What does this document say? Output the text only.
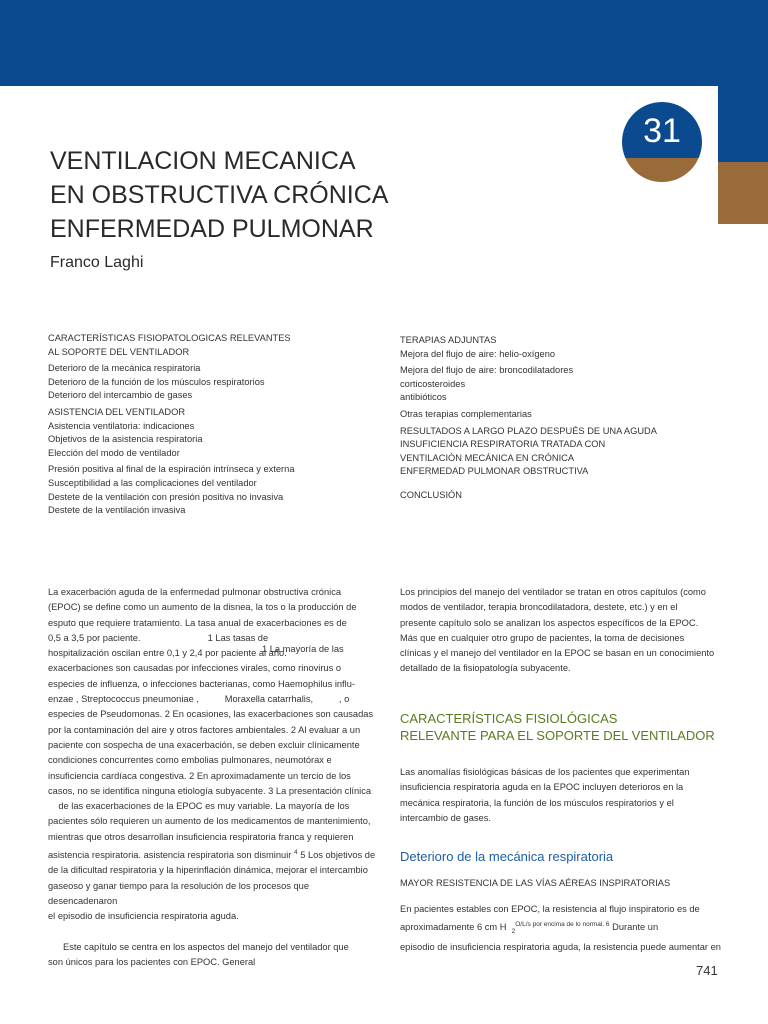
31
VENTILACION MECANICA
EN OBSTRUCTIVA CRÓNICA
ENFERMEDAD PULMONAR
Franco Laghi
CARACTERÍSTICAS FISIOPATOLOGICAS RELEVANTES
AL SOPORTE DEL VENTILADOR
Deterioro de la mecánica respiratoria
Deterioro de la función de los músculos respiratorios
Deterioro del intercambio de gases
ASISTENCIA DEL VENTILADOR
Asistencia ventilatoria: indicaciones
Objetivos de la asistencia respiratoria
Elección del modo de ventilador
Presión positiva al final de la espiración intrínseca y externa
Susceptibilidad a las complicaciones del ventilador
Destete de la ventilación con presión positiva no invasiva
Destete de la ventilación invasiva
TERAPIAS ADJUNTAS
Mejora del flujo de aire: helio-oxígeno
Mejora del flujo de aire: broncodilatadores
corticosteroides
antibióticos
Otras terapias complementarias
RESULTADOS A LARGO PLAZO DESPUÉS DE UNA AGUDA
INSUFICIENCIA RESPIRATORIA TRATADA CON
VENTILACIÓN MECÁNICA EN CRÓNICA
ENFERMEDAD PULMONAR OBSTRUCTIVA
CONCLUSIÓN
La exacerbación aguda de la enfermedad pulmonar obstructiva crónica
(EPOC) se define como un aumento de la disnea, la tos o la producción de
esputo que requiere tratamiento. La tasa anual de exacerbaciones es de
0,5 a 3,5 por paciente.                          1 Las tasas de
hospitalización oscilan entre 0,1 y 2,4 por paciente al año.
exacerbaciones son causadas por infecciones virales, como rinovirus o
especies de influenza, o infecciones bacterianas, como Haemophilus influ-
enzae , Streptococcus pneumoniae ,          Moraxella catarrhalis,          , o
especies de Pseudomonas. 2 En ocasiones, las exacerbaciones son causadas
por la contaminación del aire y otros factores ambientales. 2 Al evaluar a un
paciente con sospecha de una exacerbación, se deben excluir clínicamente
condiciones concurrentes como embolias pulmonares, neumotórax e
insuficiencia cardíaca congestiva. 2 En aproximadamente un tercio de los
casos, no se identifica ninguna etiología subyacente. 3 La presentación clínica
de las exacerbaciones de la EPOC es muy variable. La mayoría de los
pacientes sólo requieren un aumento de los medicamentos de mantenimiento,
mientras que otros desarrollan insuficiencia respiratoria franca y requieren
asistencia respiratoria. asistencia respiratoria son disminuir $^4$ 5 Los objetivos de
de la dificultad respiratoria y la hiperinflación dinámica, mejorar el intercambio
gaseoso y ganar tiempo para la resolución de los procesos que desencadenaron
el episodio de insuficiencia respiratoria aguda.
Este capítulo se centra en los aspectos del manejo del ventilador que
son únicos para los pacientes con EPOC. General
1 La mayoría de las
Los principios del manejo del ventilador se tratan en otros capítulos (como
modos de ventilador, terapia broncodilatadora, destete, etc.) y en el
presente capítulo solo se analizan los aspectos específicos de la EPOC.
Más que en cualquier otro grupo de pacientes, la toma de decisiones
clínicas y el manejo del ventilador en la EPOC se basan en un conocimiento
detallado de la fisiopatología subyacente.
CARACTERÍSTICAS FISIOLÓGICAS
RELEVANTE PARA EL SOPORTE DEL VENTILADOR
Las anomalías fisiológicas básicas de los pacientes que experimentan
insuficiencia respiratoria aguda en la EPOC incluyen deterioros en la
mecánica respiratoria, la función de los músculos respiratorios y el
intercambio de gases.
Deterioro de la mecánica respiratoria
MAYOR RESISTENCIA DE LAS VÍAS AÉREAS INSPIRATORIAS
En pacientes estables con EPOC, la resistencia al flujo inspiratorio es de
aproximadamente 6 cm H $_2^{O/L/s por encima de lo normal. 6}$ Durante un
episodio de insuficiencia respiratoria aguda, la resistencia puede aumentar en
741
